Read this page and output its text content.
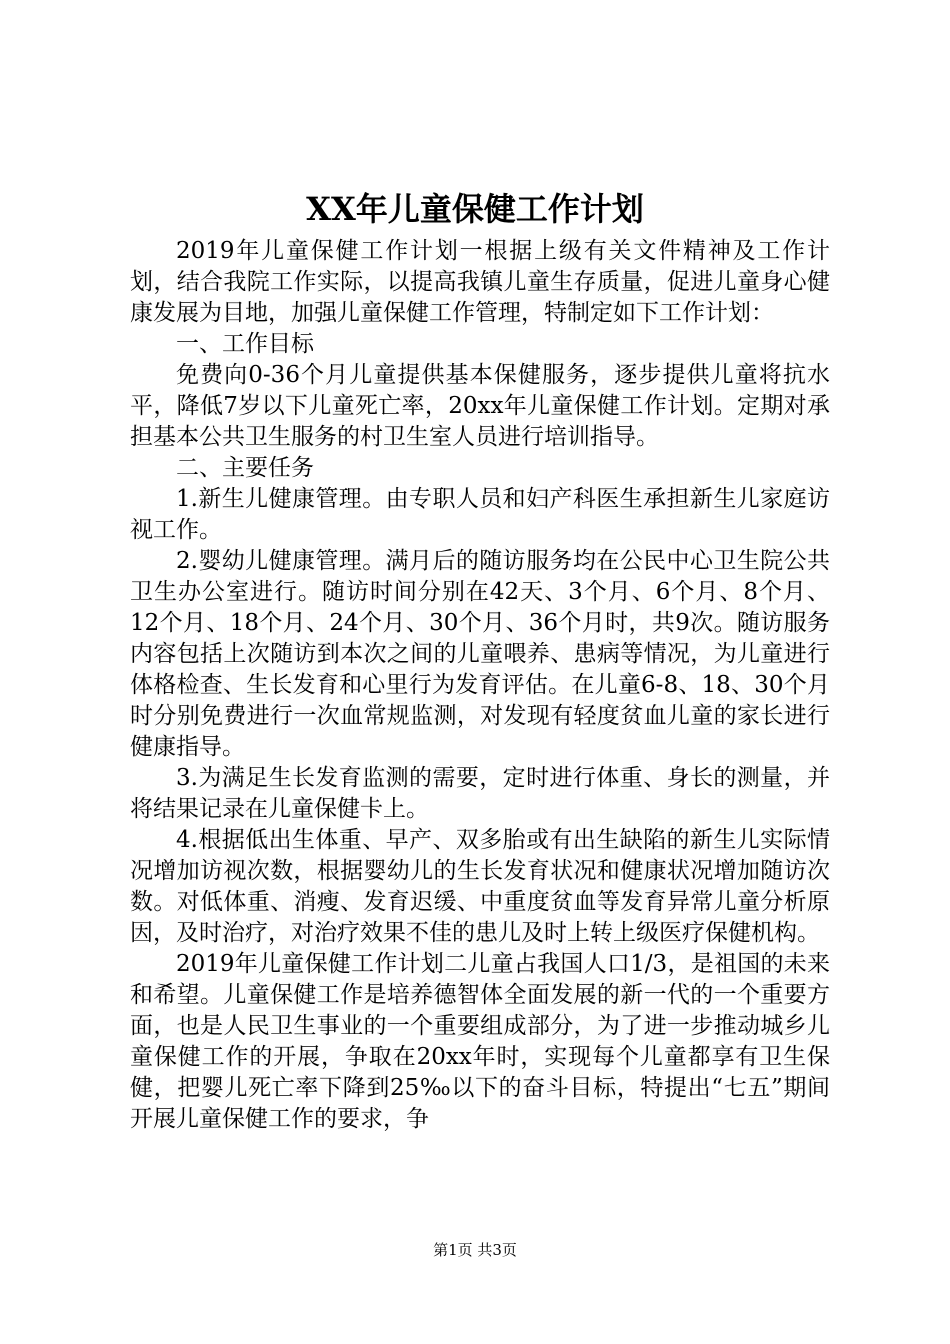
XX年儿童保健工作计划

2019年儿童保健工作计划一根据上级有关文件精神及工作计划，结合我院工作实际，以提高我镇儿童生存质量，促进儿童身心健康发展为目地，加强儿童保健工作管理，特制定如下工作计划：

一、工作目标

免费向0-36个月儿童提供基本保健服务，逐步提供儿童将抗水平，降低7岁以下儿童死亡率，20xx年儿童保健工作计划。定期对承担基本公共卫生服务的村卫生室人员进行培训指导。

二、主要任务

1.新生儿健康管理。由专职人员和妇产科医生承担新生儿家庭访视工作。

2.婴幼儿健康管理。满月后的随访服务均在公民中心卫生院公共卫生办公室进行。随访时间分别在42天、3个月、6个月、8个月、12个月、18个月、24个月、30个月、36个月时，共9次。随访服务内容包括上次随访到本次之间的儿童喂养、患病等情况，为儿童进行体格检查、生长发育和心里行为发育评估。在儿童6-8、18、30个月时分别免费进行一次血常规监测，对发现有轻度贫血儿童的家长进行健康指导。

3.为满足生长发育监测的需要，定时进行体重、身长的测量，并将结果记录在儿童保健卡上。

4.根据低出生体重、早产、双多胎或有出生缺陷的新生儿实际情况增加访视次数，根据婴幼儿的生长发育状况和健康状况增加随访次数。对低体重、消瘦、发育迟缓、中重度贫血等发育异常儿童分析原因，及时治疗，对治疗效果不佳的患儿及时上转上级医疗保健机构。

2019年儿童保健工作计划二儿童占我国人口1/3，是祖国的未来和希望。儿童保健工作是培养德智体全面发展的新一代的一个重要方面，也是人民卫生事业的一个重要组成部分，为了进一步推动城乡儿童保健工作的开展，争取在20xx年时，实现每个儿童都享有卫生保健，把婴儿死亡率下降到25‰以下的奋斗目标，特提出“七五”期间开展儿童保健工作的要求，争

第1页 共3页
